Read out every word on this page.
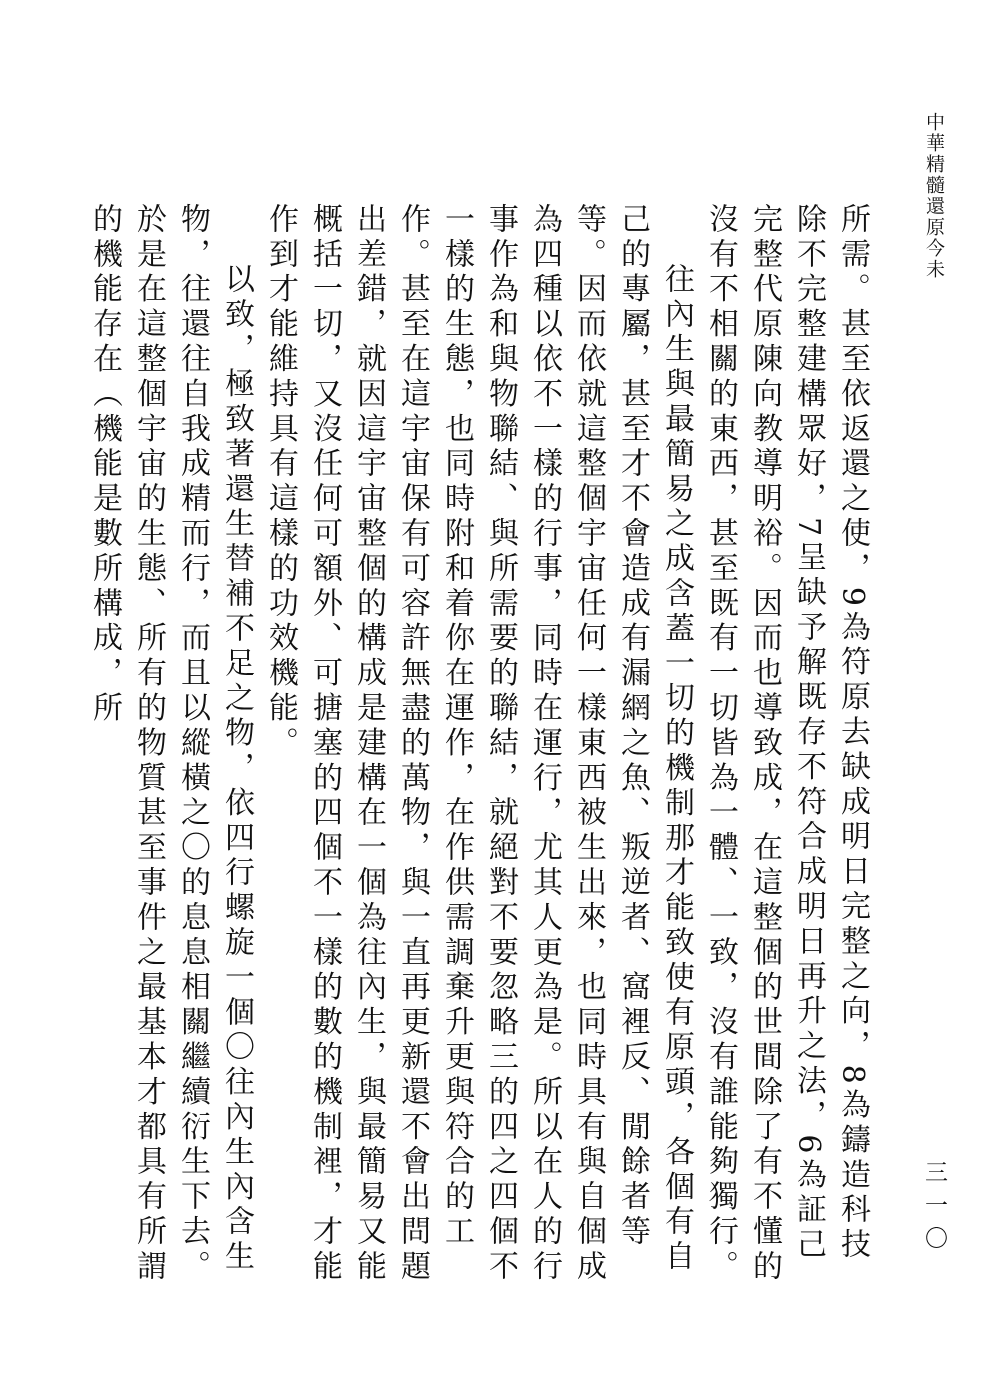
中華精髓還原今未
三一〇

所需。甚至依返還之使，9為符原去缺成明日完整之向，8為鑄造科技除不完整建構眾好，7呈缺予解既存不符合成明日再升之法，6為証己完整代原陳向教導明裕。因而也導致成，在這整個的世間除了有不懂的沒有不相關的東西，甚至既有一切皆為一體、一致，沒有誰能夠獨行。

往內生與最簡易之成含蓋一切的機制那才能致使有原頭，各個有自己的專屬，甚至才不會造成有漏網之魚、叛逆者、窩裡反、閒餘者等等。因而依就這整個宇宙任何一樣東西被生出來，也同時具有與自個成為四種以依不一樣的行事，同時在運行，尤其人更為是。所以在人的行事作為和與物聯結、與所需要的聯結，就絕對不要忽略三的四之四個不一樣的生態，也同時附和着你在運作，在作供需調棄升更與符合的工作。甚至在這宇宙保有可容許無盡的萬物，與一直再更新還不會出問題出差錯，就因這宇宙整個的構成是建構在一個為往內生，與最簡易又能概括一切，又沒任何可額外、可搪塞的四個不一樣的數的機制裡，才能作到才能維持具有這樣的功效機能。

以致，極致著還生替補不足之物，依四行螺旋一個〇往內生內含生物，往還往自我成精而行，而且以縱橫之〇的息息相關繼續衍生下去。於是在這整個宇宙的生態、所有的物質甚至事件之最基本才都具有所謂的機能存在（機能是數所構成，所
